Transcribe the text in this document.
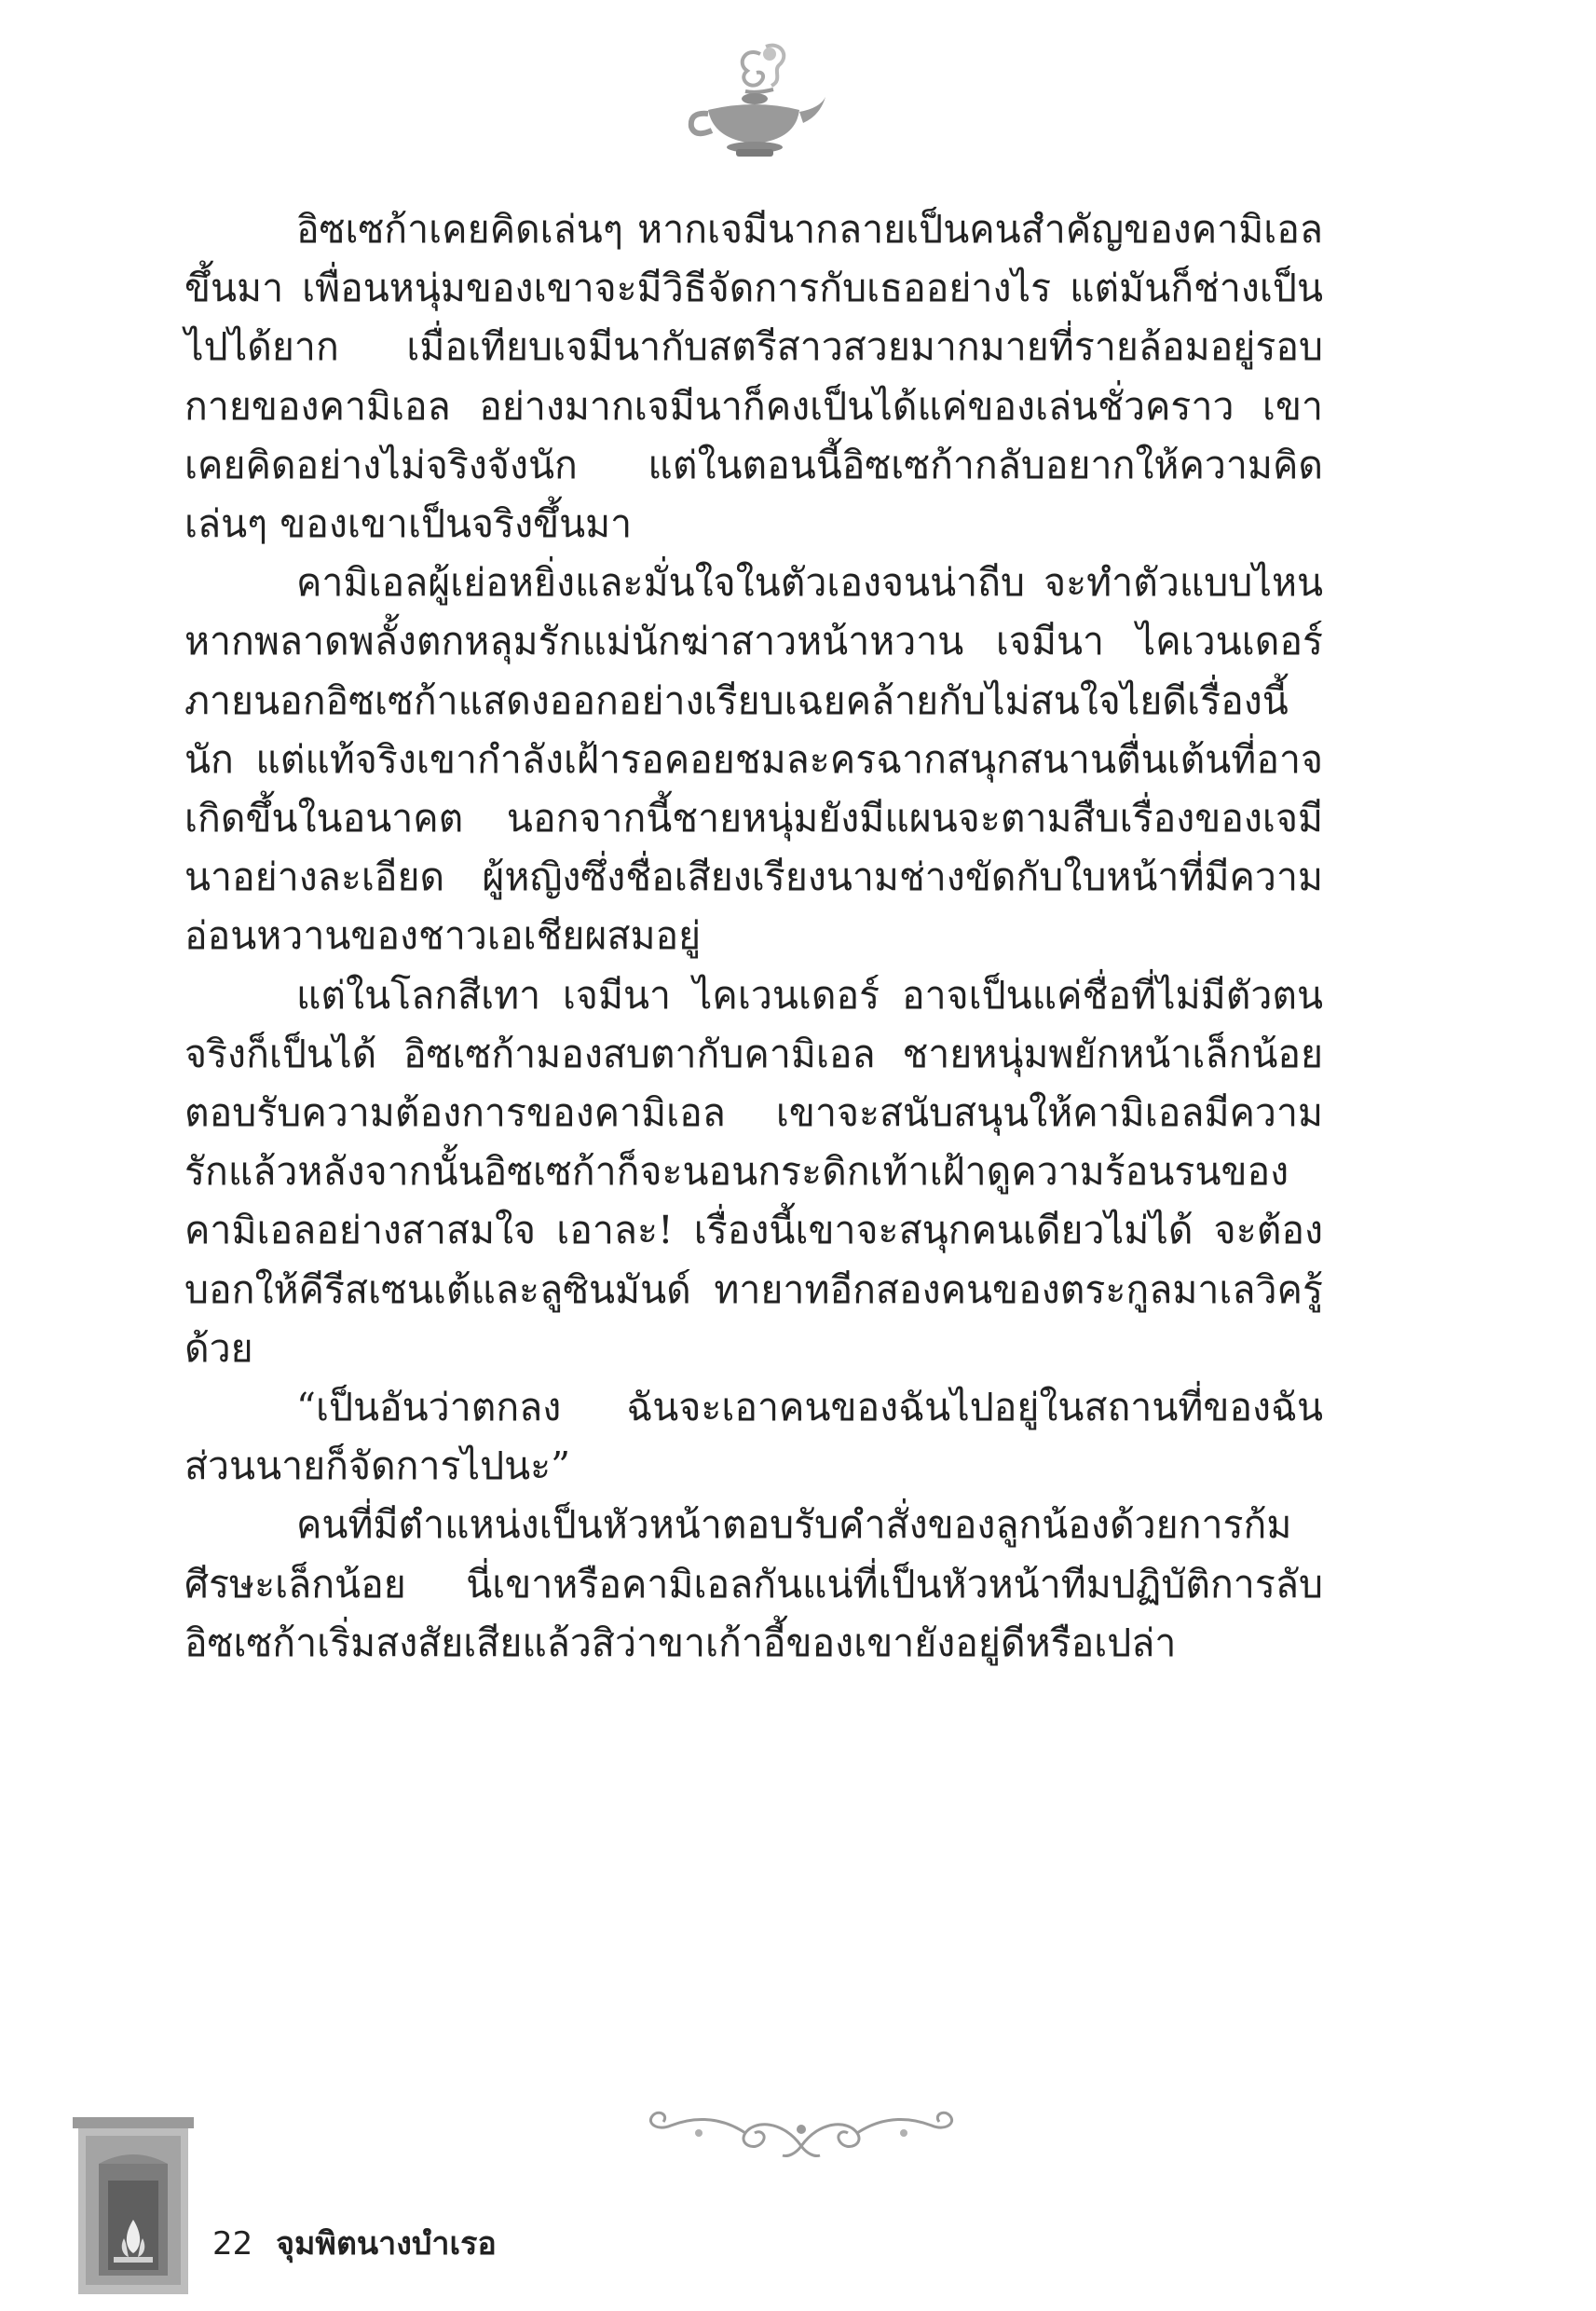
อิซเซก้าเคยคิดเล่นๆ หากเจมีนากลายเป็นคนสำคัญของคามิเอลขึ้นมา เพื่อนหนุ่มของเขาจะมีวิธีจัดการกับเธออย่างไร แต่มันก็ช่างเป็นไปได้ยาก เมื่อเทียบเจมีนากับสตรีสาวสวยมากมายที่รายล้อมอยู่รอบกายของคามิเอล อย่างมากเจมีนาก็คงเป็นได้แค่ของเล่นชั่วคราว เขาเคยคิดอย่างไม่จริงจังนัก แต่ในตอนนี้อิซเซก้ากลับอยากให้ความคิดเล่นๆ ของเขาเป็นจริงขึ้นมา

คามิเอลผู้เย่อหยิ่งและมั่นใจในตัวเองจนน่าถีบ จะทำตัวแบบไหนหากพลาดพลั้งตกหลุมรักแม่นักฆ่าสาวหน้าหวาน เจมีนา ไคเวนเดอร์ ภายนอกอิซเซก้าแสดงออกอย่างเรียบเฉยคล้ายกับไม่สนใจไยดีเรื่องนี้นัก แต่แท้จริงเขากำลังเฝ้ารอคอยชมละครฉากสนุกสนานตื่นเต้นที่อาจเกิดขึ้นในอนาคต นอกจากนี้ชายหนุ่มยังมีแผนจะตามสืบเรื่องของเจมีนาอย่างละเอียด ผู้หญิงซึ่งชื่อเสียงเรียงนามช่างขัดกับใบหน้าที่มีความอ่อนหวานของชาวเอเชียผสมอยู่

แต่ในโลกสีเทา เจมีนา ไคเวนเดอร์ อาจเป็นแค่ชื่อที่ไม่มีตัวตนจริงก็เป็นได้ อิซเซก้ามองสบตากับคามิเอล ชายหนุ่มพยักหน้าเล็กน้อยตอบรับความต้องการของคามิเอล เขาจะสนับสนุนให้คามิเอลมีความรักแล้วหลังจากนั้นอิซเซก้าก็จะนอนกระดิกเท้าเฝ้าดูความร้อนรนของคามิเอลอย่างสาสมใจ เอาละ! เรื่องนี้เขาจะสนุกคนเดียวไม่ได้ จะต้องบอกให้คีรีสเซนเต้และลูซินมันด์ ทายาทอีกสองคนของตระกูลมาเลวิครู้ด้วย

“เป็นอันว่าตกลง ฉันจะเอาคนของฉันไปอยู่ในสถานที่ของฉัน ส่วนนายก็จัดการไปนะ”

คนที่มีตำแหน่งเป็นหัวหน้าตอบรับคำสั่งของลูกน้องด้วยการก้มศีรษะเล็กน้อย นี่เขาหรือคามิเอลกันแน่ที่เป็นหัวหน้าทีมปฏิบัติการลับ อิซเซก้าเริ่มสงสัยเสียแล้วสิว่าขาเก้าอี้ของเขายังอยู่ดีหรือเปล่า

22 จุมพิตนางบำเรอ
